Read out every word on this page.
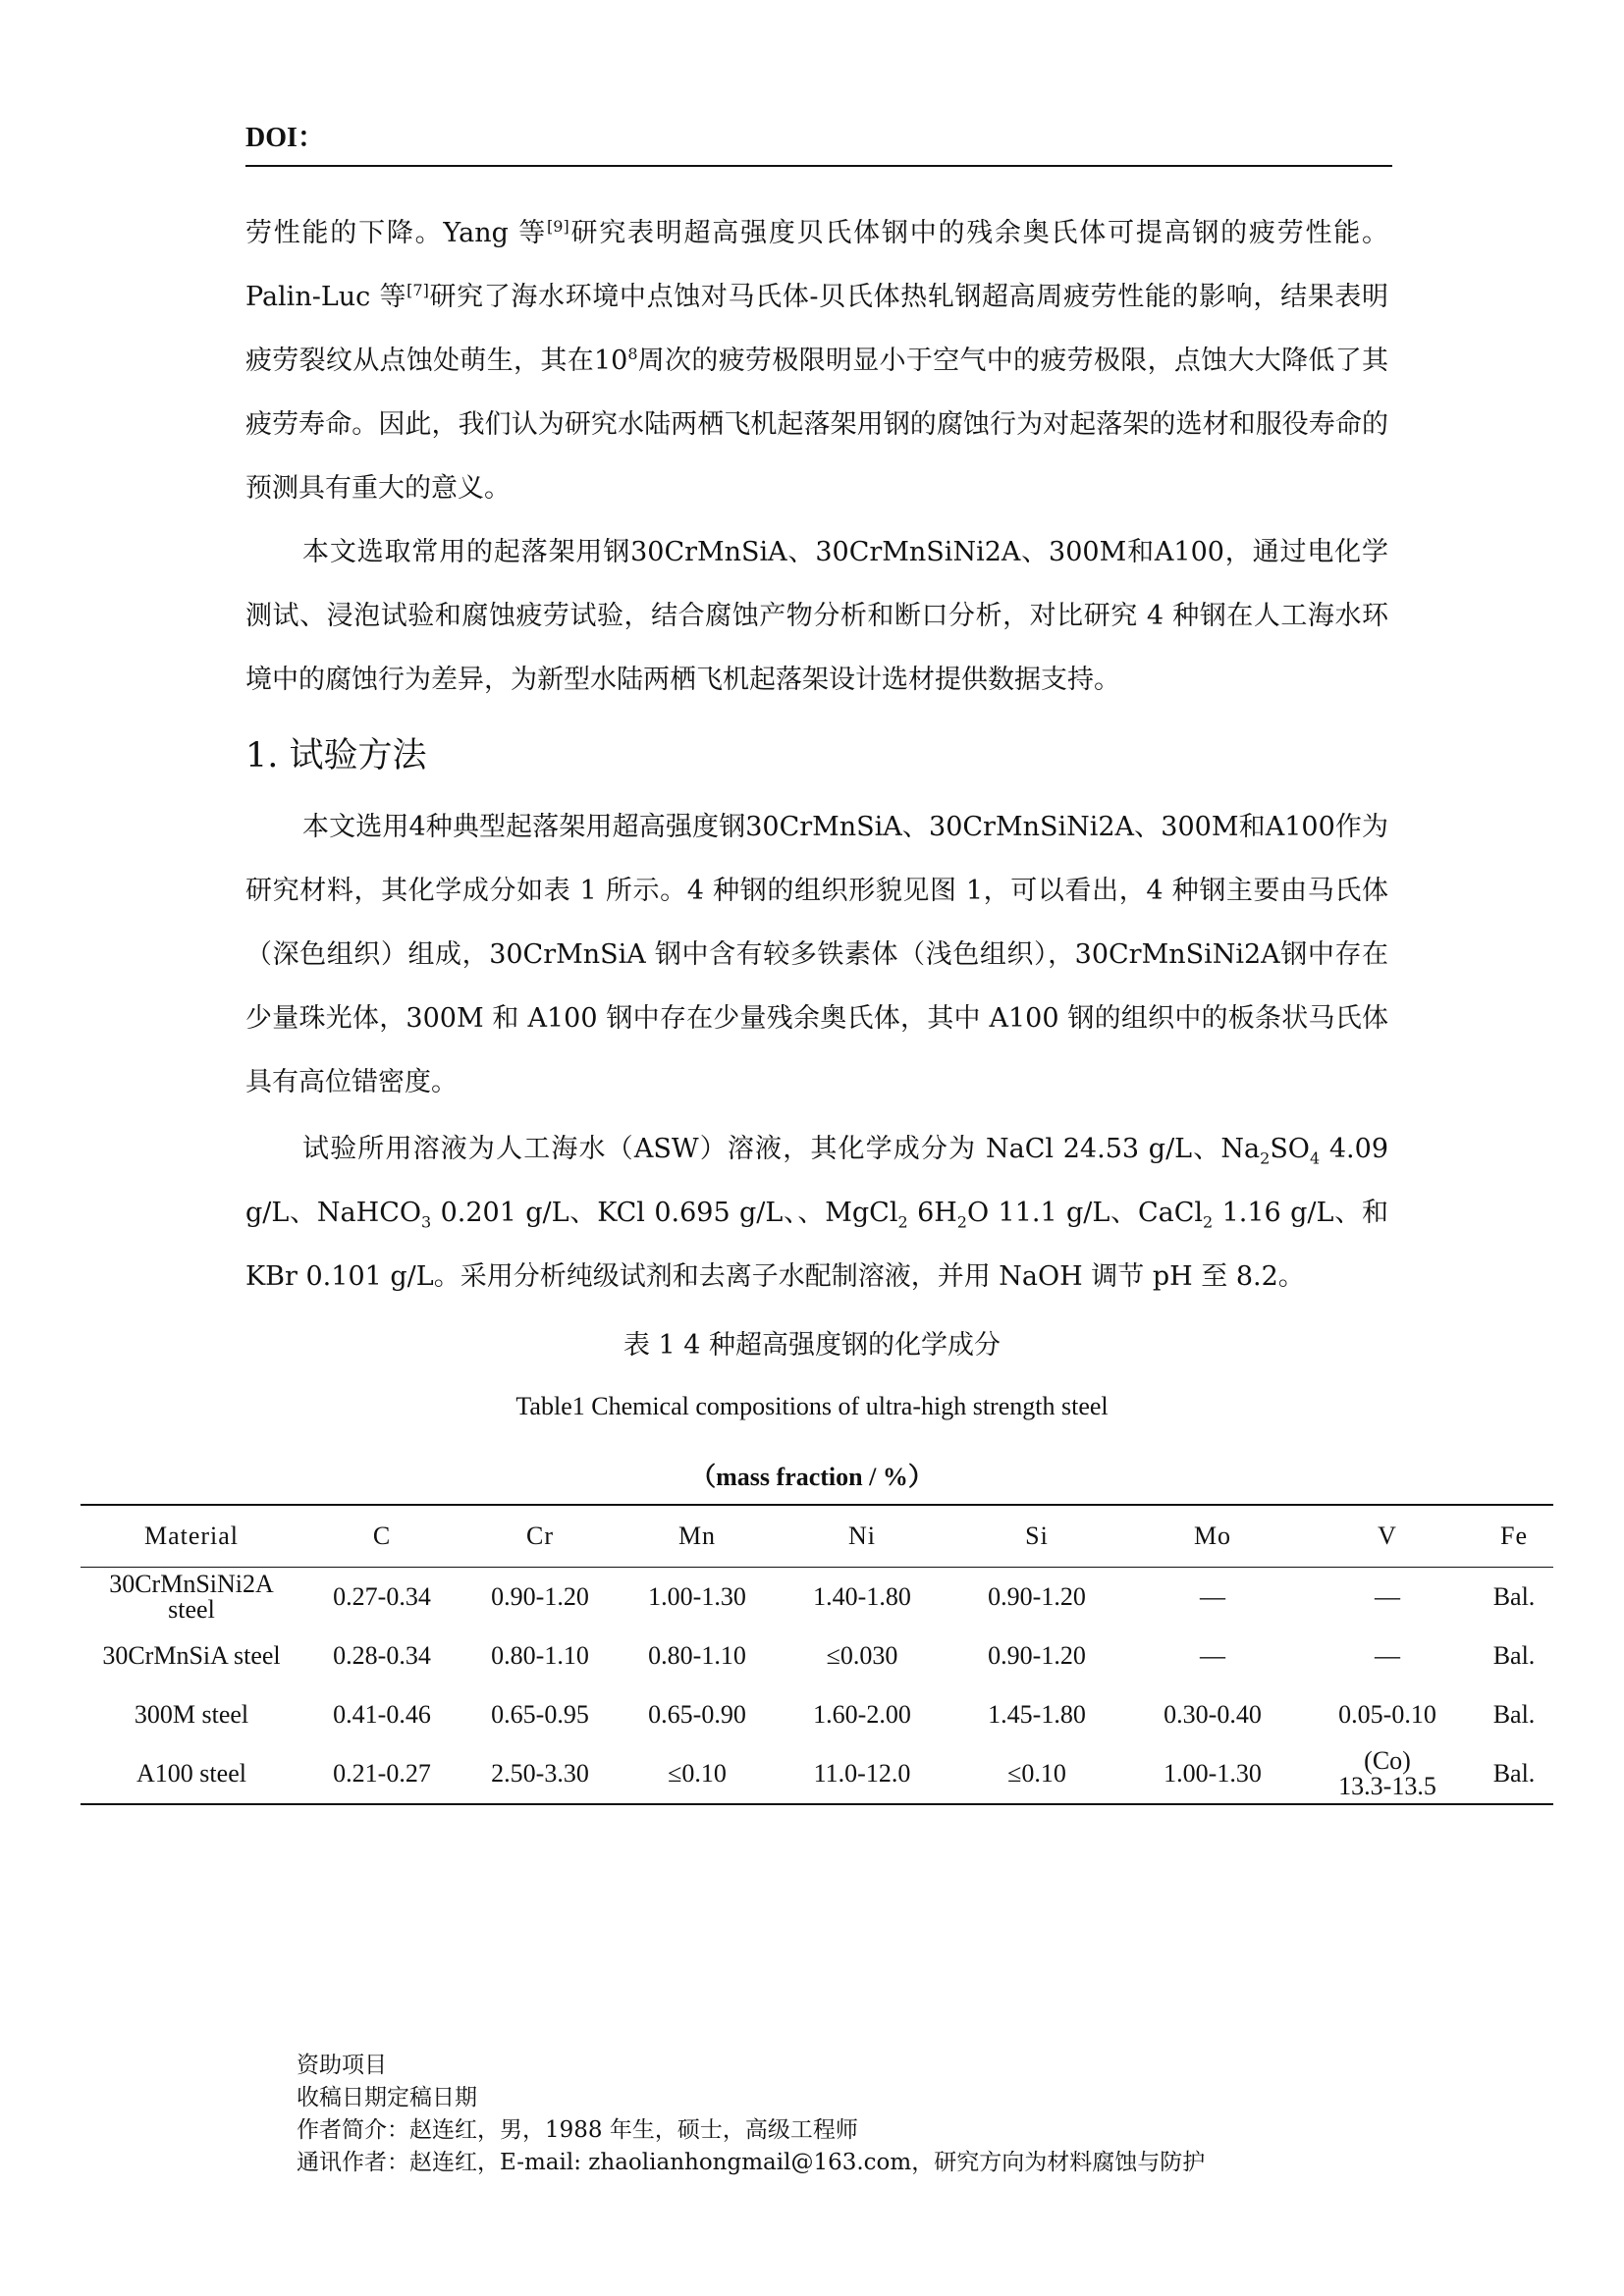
DOI：

劳性能的下降。Yang 等[9]研究表明超高强度贝氏体钢中的残余奥氏体可提高钢的疲劳性能。Palin-Luc 等[7]研究了海水环境中点蚀对马氏体-贝氏体热轧钢超高周疲劳性能的影响，结果表明疲劳裂纹从点蚀处萌生，其在$10^8$周次的疲劳极限明显小于空气中的疲劳极限，点蚀大大降低了其疲劳寿命。因此，我们认为研究水陆两栖飞机起落架用钢的腐蚀行为对起落架的选材和服役寿命的预测具有重大的意义。

本文选取常用的起落架用钢30CrMnSiA、30CrMnSiNi2A、300M和A100，通过电化学测试、浸泡试验和腐蚀疲劳试验，结合腐蚀产物分析和断口分析，对比研究 4 种钢在人工海水环境中的腐蚀行为差异，为新型水陆两栖飞机起落架设计选材提供数据支持。

1. 试验方法

本文选用4种典型起落架用超高强度钢30CrMnSiA、30CrMnSiNi2A、300M和A100作为研究材料，其化学成分如表 1 所示。4 种钢的组织形貌见图 1，可以看出，4 种钢主要由马氏体（深色组织）组成，30CrMnSiA 钢中含有较多铁素体（浅色组织），30CrMnSiNi2A钢中存在少量珠光体，300M 和 A100 钢中存在少量残余奥氏体，其中 A100 钢的组织中的板条状马氏体具有高位错密度。

试验所用溶液为人工海水（ASW）溶液，其化学成分为 NaCl 24.53 g/L、$Na_2SO_4$ 4.09 g/L、NaHCO$_3$ 0.201 g/L、KCl 0.695 g/L、、MgCl$_2$ $6H_2O$ 11.1 g/L、CaCl$_2$ 1.16 g/L、和 KBr 0.101 g/L。采用分析纯级试剂和去离子水配制溶液，并用 NaOH 调节 pH 至 8.2。

表 1 4 种超高强度钢的化学成分

Table1 Chemical compositions of ultra-high strength steel

（mass fraction / %）

Material	C	Cr	Mn	Ni	Si	Mo	V	Fe

30CrMnSiNi2A
steel	0.27-0.34	0.90-1.20	1.00-1.30	1.40-1.80	0.90-1.20	—	—	Bal.

30CrMnSiA steel	0.28-0.34	0.80-1.10	0.80-1.10	≤0.030	0.90-1.20	—	—	Bal.

300M steel	0.41-0.46	0.65-0.95	0.65-0.90	1.60-2.00	1.45-1.80	0.30-0.40	0.05-0.10	Bal.

A100 steel	0.21-0.27	2.50-3.30	≤0.10	11.0-12.0	≤0.10	1.00-1.30	(Co)
13.3-13.5	Bal.
资助项目
收稿日期定稿日期
作者简介：赵连红，男，1988 年生，硕士，高级工程师
通讯作者：赵连红，E-mail: zhaolianhongmail@163.com，研究方向为材料腐蚀与防护
